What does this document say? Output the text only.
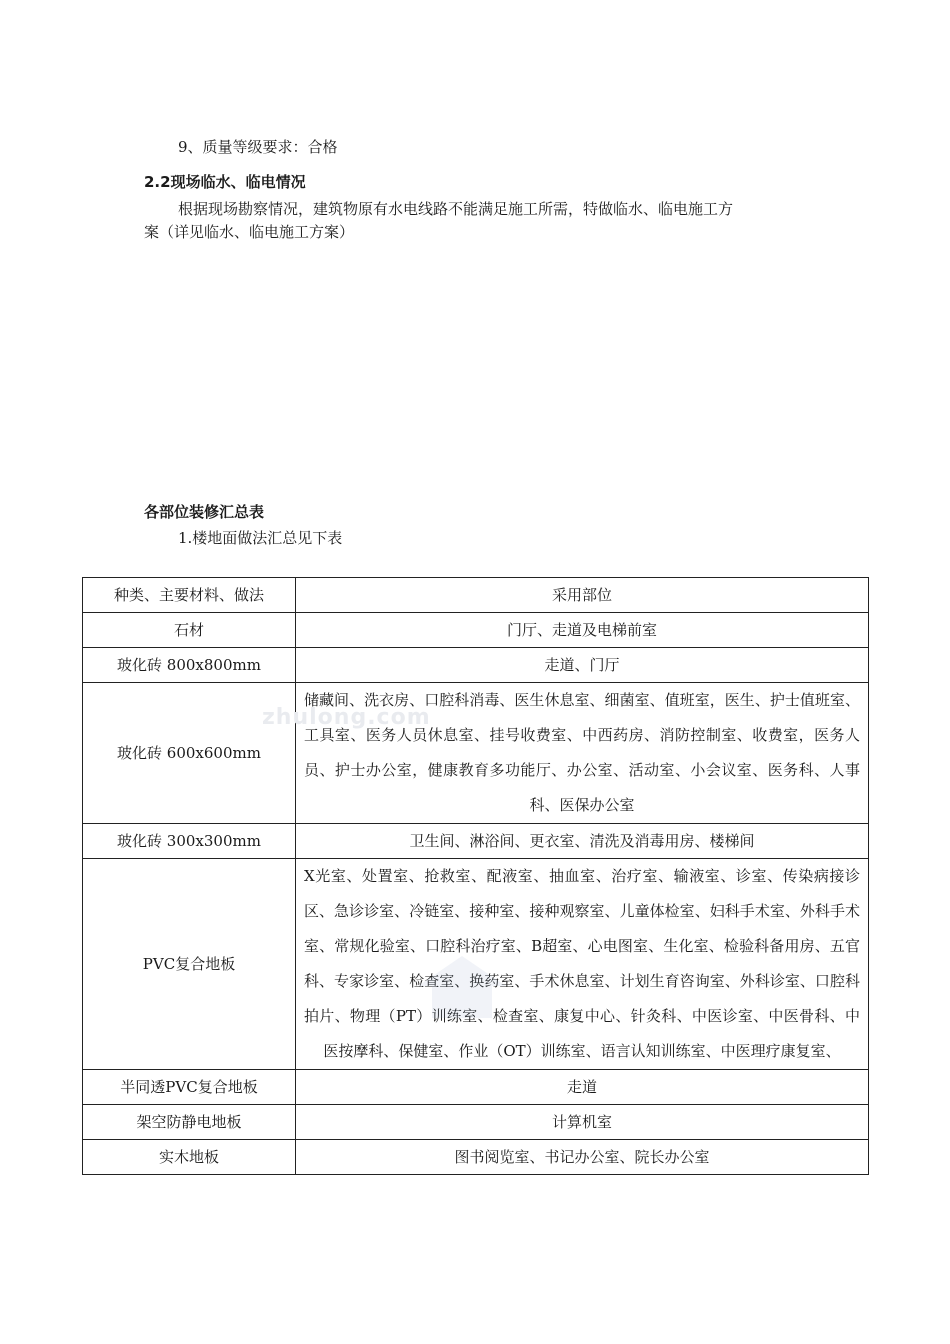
9、质量等级要求：合格
2.2现场临水、临电情况
根据现场勘察情况，建筑物原有水电线路不能满足施工所需，特做临水、临电施工方
案（详见临水、临电施工方案）
各部位装修汇总表
1.楼地面做法汇总见下表
种类、主要材料、做法	采用部位
石材	门厅、走道及电梯前室
玻化砖 800x800mm	走道、门厅
玻化砖 600x600mm	储藏间、洗衣房、口腔科消毒、医生休息室、细菌室、值班室，医生、护士值班室、工具室、医务人员休息室、挂号收费室、中西药房、消防控制室、收费室，医务人员、护士办公室，健康教育多功能厅、办公室、活动室、小会议室、医务科、人事科、医保办公室
玻化砖 300x300mm	卫生间、淋浴间、更衣室、清洗及消毒用房、楼梯间
PVC复合地板	X光室、处置室、抢救室、配液室、抽血室、治疗室、输液室、诊室、传染病接诊区、急诊诊室、冷链室、接种室、接种观察室、儿童体检室、妇科手术室、外科手术室、常规化验室、口腔科治疗室、B超室、心电图室、生化室、检验科备用房、五官科、专家诊室、检查室、换药室、手术休息室、计划生育咨询室、外科诊室、口腔科拍片、物理（PT）训练室、检查室、康复中心、针灸科、中医诊室、中医骨科、中医按摩科、保健室、作业（OT）训练室、语言认知训练室、中医理疗康复室、
半同透PVC复合地板	走道
架空防静电地板	计算机室
实木地板	图书阅览室、书记办公室、院长办公室
zhulong.com
